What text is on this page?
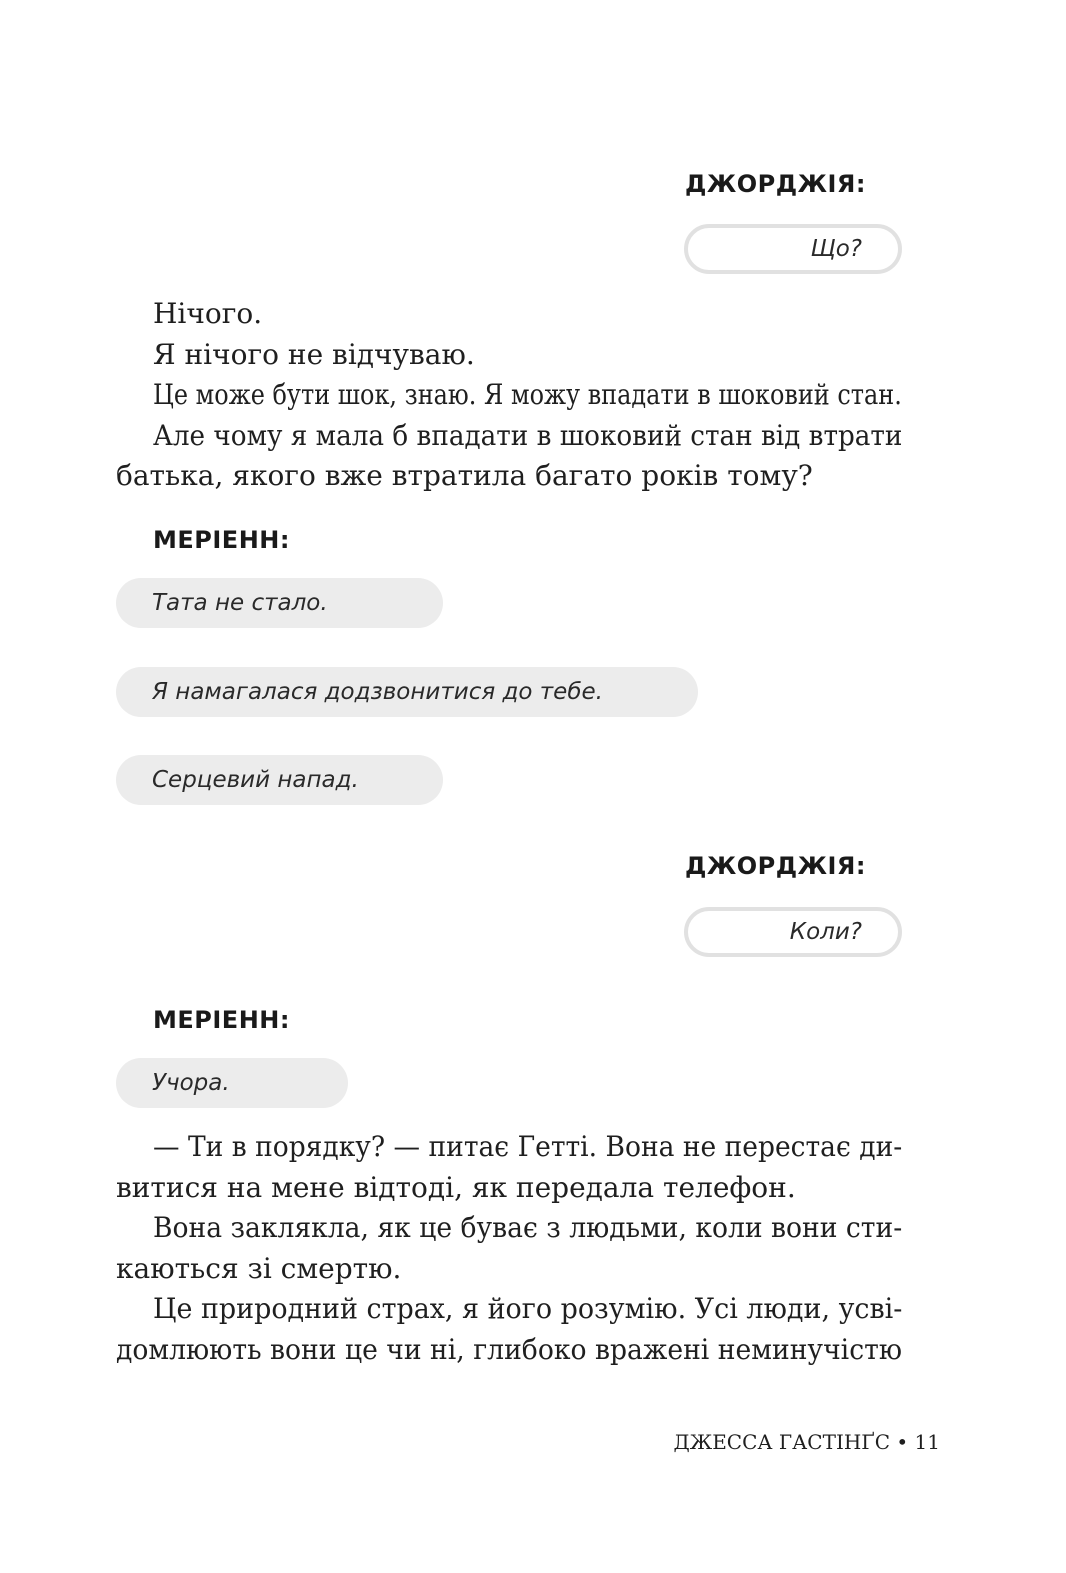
ДЖОРДЖІЯ:
Що?
Нічого.
Я нічого не відчуваю.
Це може бути шок, знаю. Я можу впадати в шоковий стан.
Але чому я мала б впадати в шоковий стан від втрати
батька, якого вже втратила багато років тому?
МЕРІЕНН:
Тата не стало.
Я намагалася додзвонитися до тебе.
Серцевий напад.
ДЖОРДЖІЯ:
Коли?
МЕРІЕНН:
Учора.
— Ти в порядку? — питає Гетті. Вона не перестає ди-
витися на мене відтоді, як передала телефон.
Вона заклякла, як це буває з людьми, коли вони сти-
каються зі смертю.
Це природний страх, я його розумію. Усі люди, усві-
домлюють вони це чи ні, глибоко вражені неминучістю
ДЖЕССА ГАСТІНҐС • 11
